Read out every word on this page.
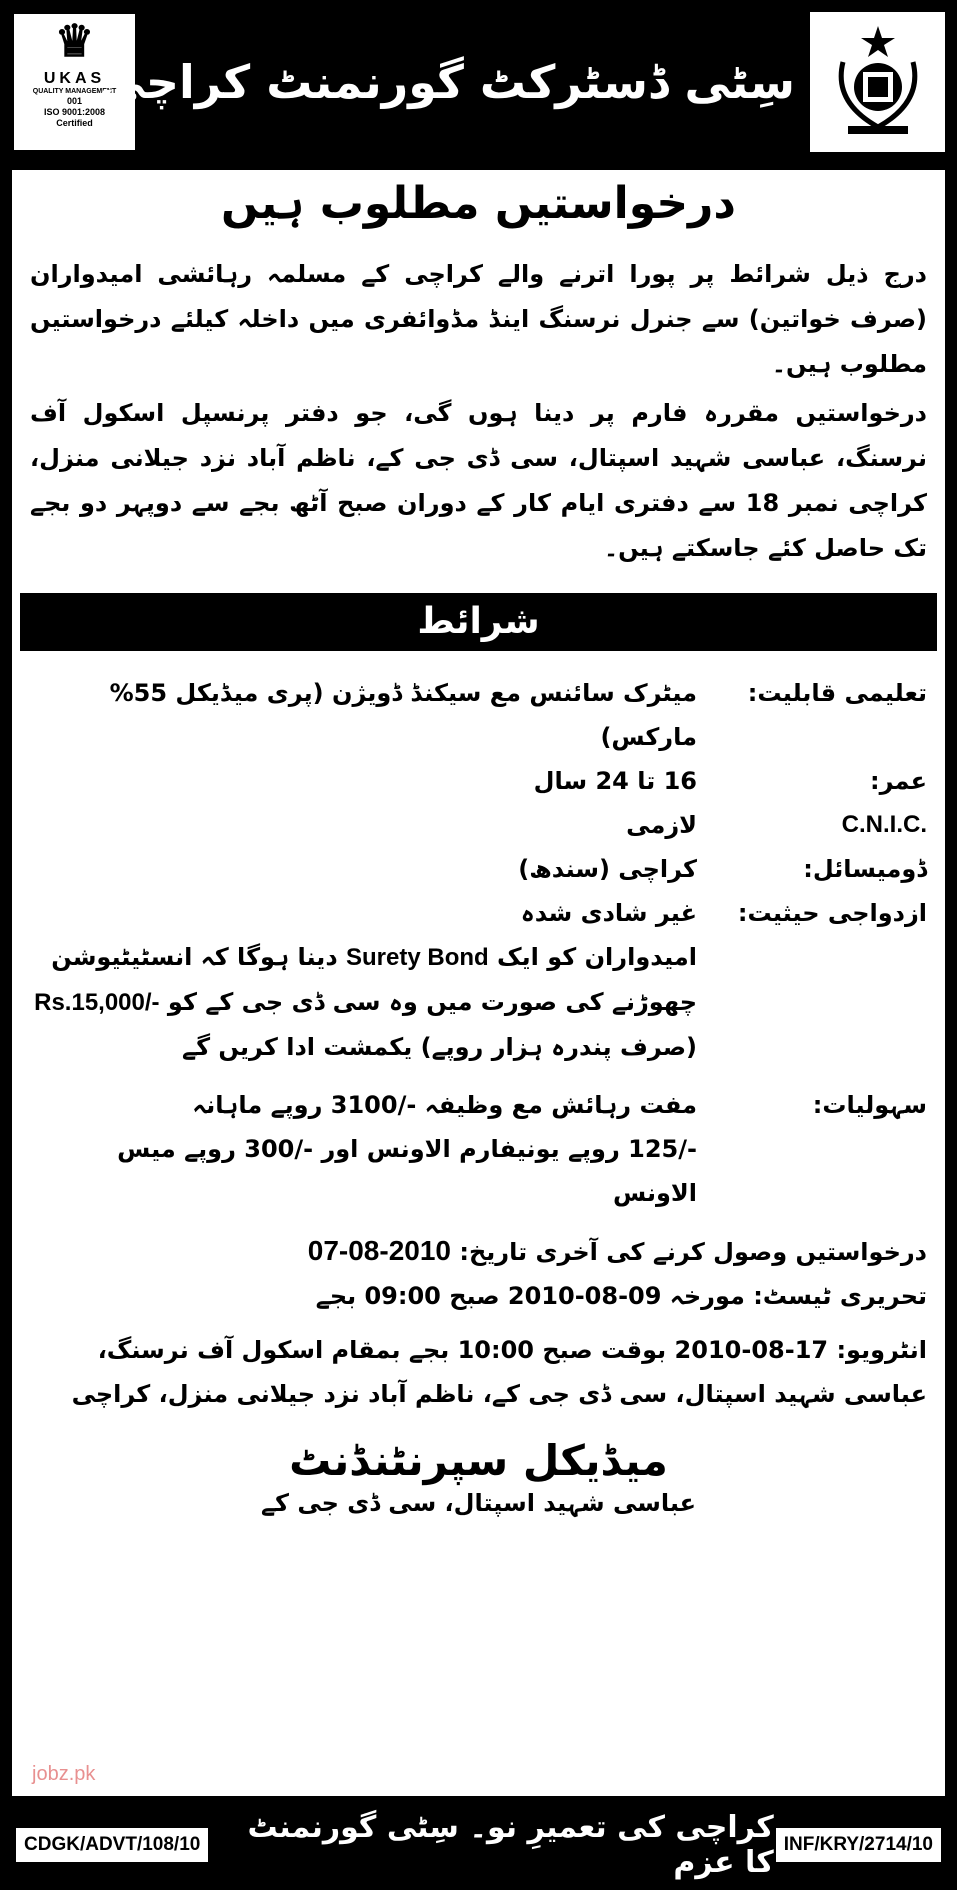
♛
UKAS
QUALITY MANAGEMENT
001
ISO 9001:2008
Certified
سِٹی ڈسٹرکٹ گورنمنٹ کراچی
درخواستیں مطلوب ہیں

درج ذیل شرائط پر پورا اترنے والے کراچی کے مسلمہ رہائشی امیدواران (صرف خواتین) سے جنرل نرسنگ اینڈ مڈوائفری میں داخلہ کیلئے درخواستیں مطلوب ہیں۔

درخواستیں مقررہ فارم پر دینا ہوں گی، جو دفتر پرنسپل اسکول آف نرسنگ، عباسی شہید اسپتال، سی ڈی جی کے، ناظم آباد نزد جیلانی منزل، کراچی نمبر 18 سے دفتری ایام کار کے دوران صبح آٹھ بجے سے دوپہر دو بجے تک حاصل کئے جاسکتے ہیں۔

شرائط
تعلیمی قابلیت:
میٹرک سائنس مع سیکنڈ ڈویژن (پری میڈیکل 55% مارکس)
عمر:
16 تا 24 سال
C.N.I.C.
لازمی
ڈومیسائل:
کراچی (سندھ)
ازدواجی حیثیت:
غیر شادی شدہ
امیدواران کو ایک Surety Bond دینا ہوگا کہ انسٹیٹیوشن چھوڑنے کی صورت میں وہ سی ڈی جی کے کو Rs.15,000/- (صرف پندرہ ہزار روپے) یکمشت ادا کریں گے
سہولیات:
مفت رہائش مع وظیفہ -/3100 روپے ماہانہ
-/125 روپے یونیفارم الاونس اور -/300 روپے میس الاونس
درخواستیں وصول کرنے کی آخری تاریخ: 07-08-2010
تحریری ٹیسٹ: مورخہ 09-08-2010 صبح 09:00 بجے
انٹرویو: 17-08-2010 بوقت صبح 10:00 بجے بمقام اسکول آف نرسنگ، عباسی شہید اسپتال، سی ڈی جی کے، ناظم آباد نزد جیلانی منزل، کراچی
میڈیکل سپرنٹنڈنٹ
عباسی شہید اسپتال، سی ڈی جی کے
jobz.pk
CDGK/ADVT/108/10	کراچی کی تعمیرِ نو۔ سِٹی گورنمنٹ کا عزم
INF/KRY/2714/10
